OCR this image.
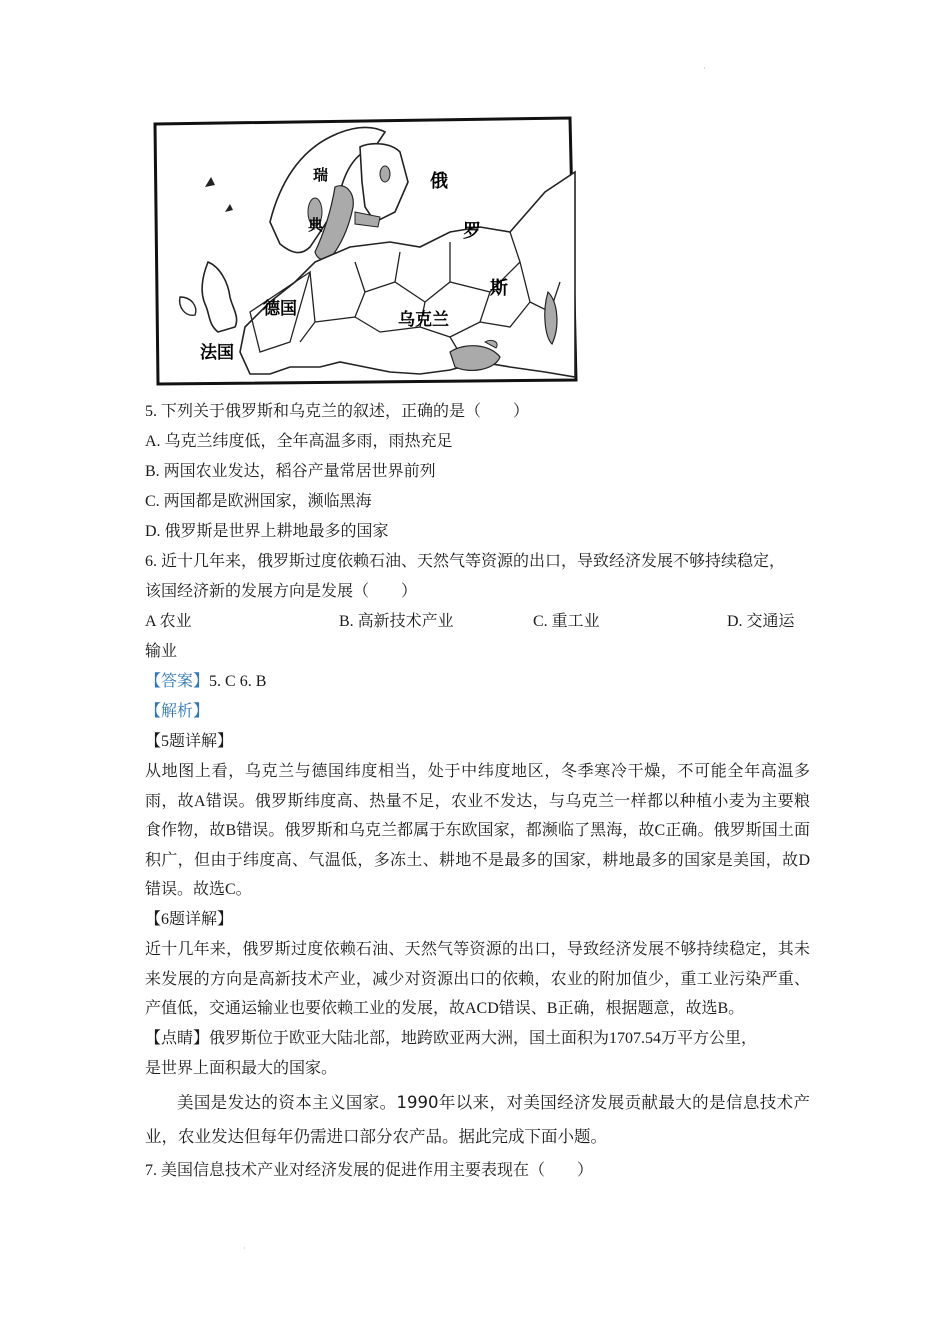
·
俄
罗
斯
瑞
典
德国
乌克兰
法国
5. 下列关于俄罗斯和乌克兰的叙述，正确的是（　　）
A. 乌克兰纬度低，全年高温多雨，雨热充足
B. 两国农业发达，稻谷产量常居世界前列
C. 两国都是欧洲国家，濒临黑海
D. 俄罗斯是世界上耕地最多的国家
6. 近十几年来，俄罗斯过度依赖石油、天然气等资源的出口，导致经济发展不够持续稳定，
该国经济新的发展方向是发展（　　）
A 农业	B. 高新技术产业	C. 重工业	D. 交通运
输业
【答案】5. C 6. B
【解析】
【5题详解】
从地图上看，乌克兰与德国纬度相当，处于中纬度地区，冬季寒冷干燥，不可能全年高温多雨，故A错误。俄罗斯纬度高、热量不足，农业不发达，与乌克兰一样都以种植小麦为主要粮食作物，故B错误。俄罗斯和乌克兰都属于东欧国家，都濒临了黑海，故C正确。俄罗斯国土面积广，但由于纬度高、气温低，多冻土、耕地不是最多的国家，耕地最多的国家是美国，故D错误。故选C。
【6题详解】
近十几年来，俄罗斯过度依赖石油、天然气等资源的出口，导致经济发展不够持续稳定，其未来发展的方向是高新技术产业，减少对资源出口的依赖，农业的附加值少，重工业污染严重、产值低，交通运输业也要依赖工业的发展，故ACD错误、B正确，根据题意，故选B。
【点睛】俄罗斯位于欧亚大陆北部，地跨欧亚两大洲，国土面积为1707.54万平方公里，
是世界上面积最大的国家。
美国是发达的资本主义国家。1990年以来，对美国经济发展贡献最大的是信息技术产业，农业发达但每年仍需进口部分农产品。据此完成下面小题。
7. 美国信息技术产业对经济发展的促进作用主要表现在（　　）
·
